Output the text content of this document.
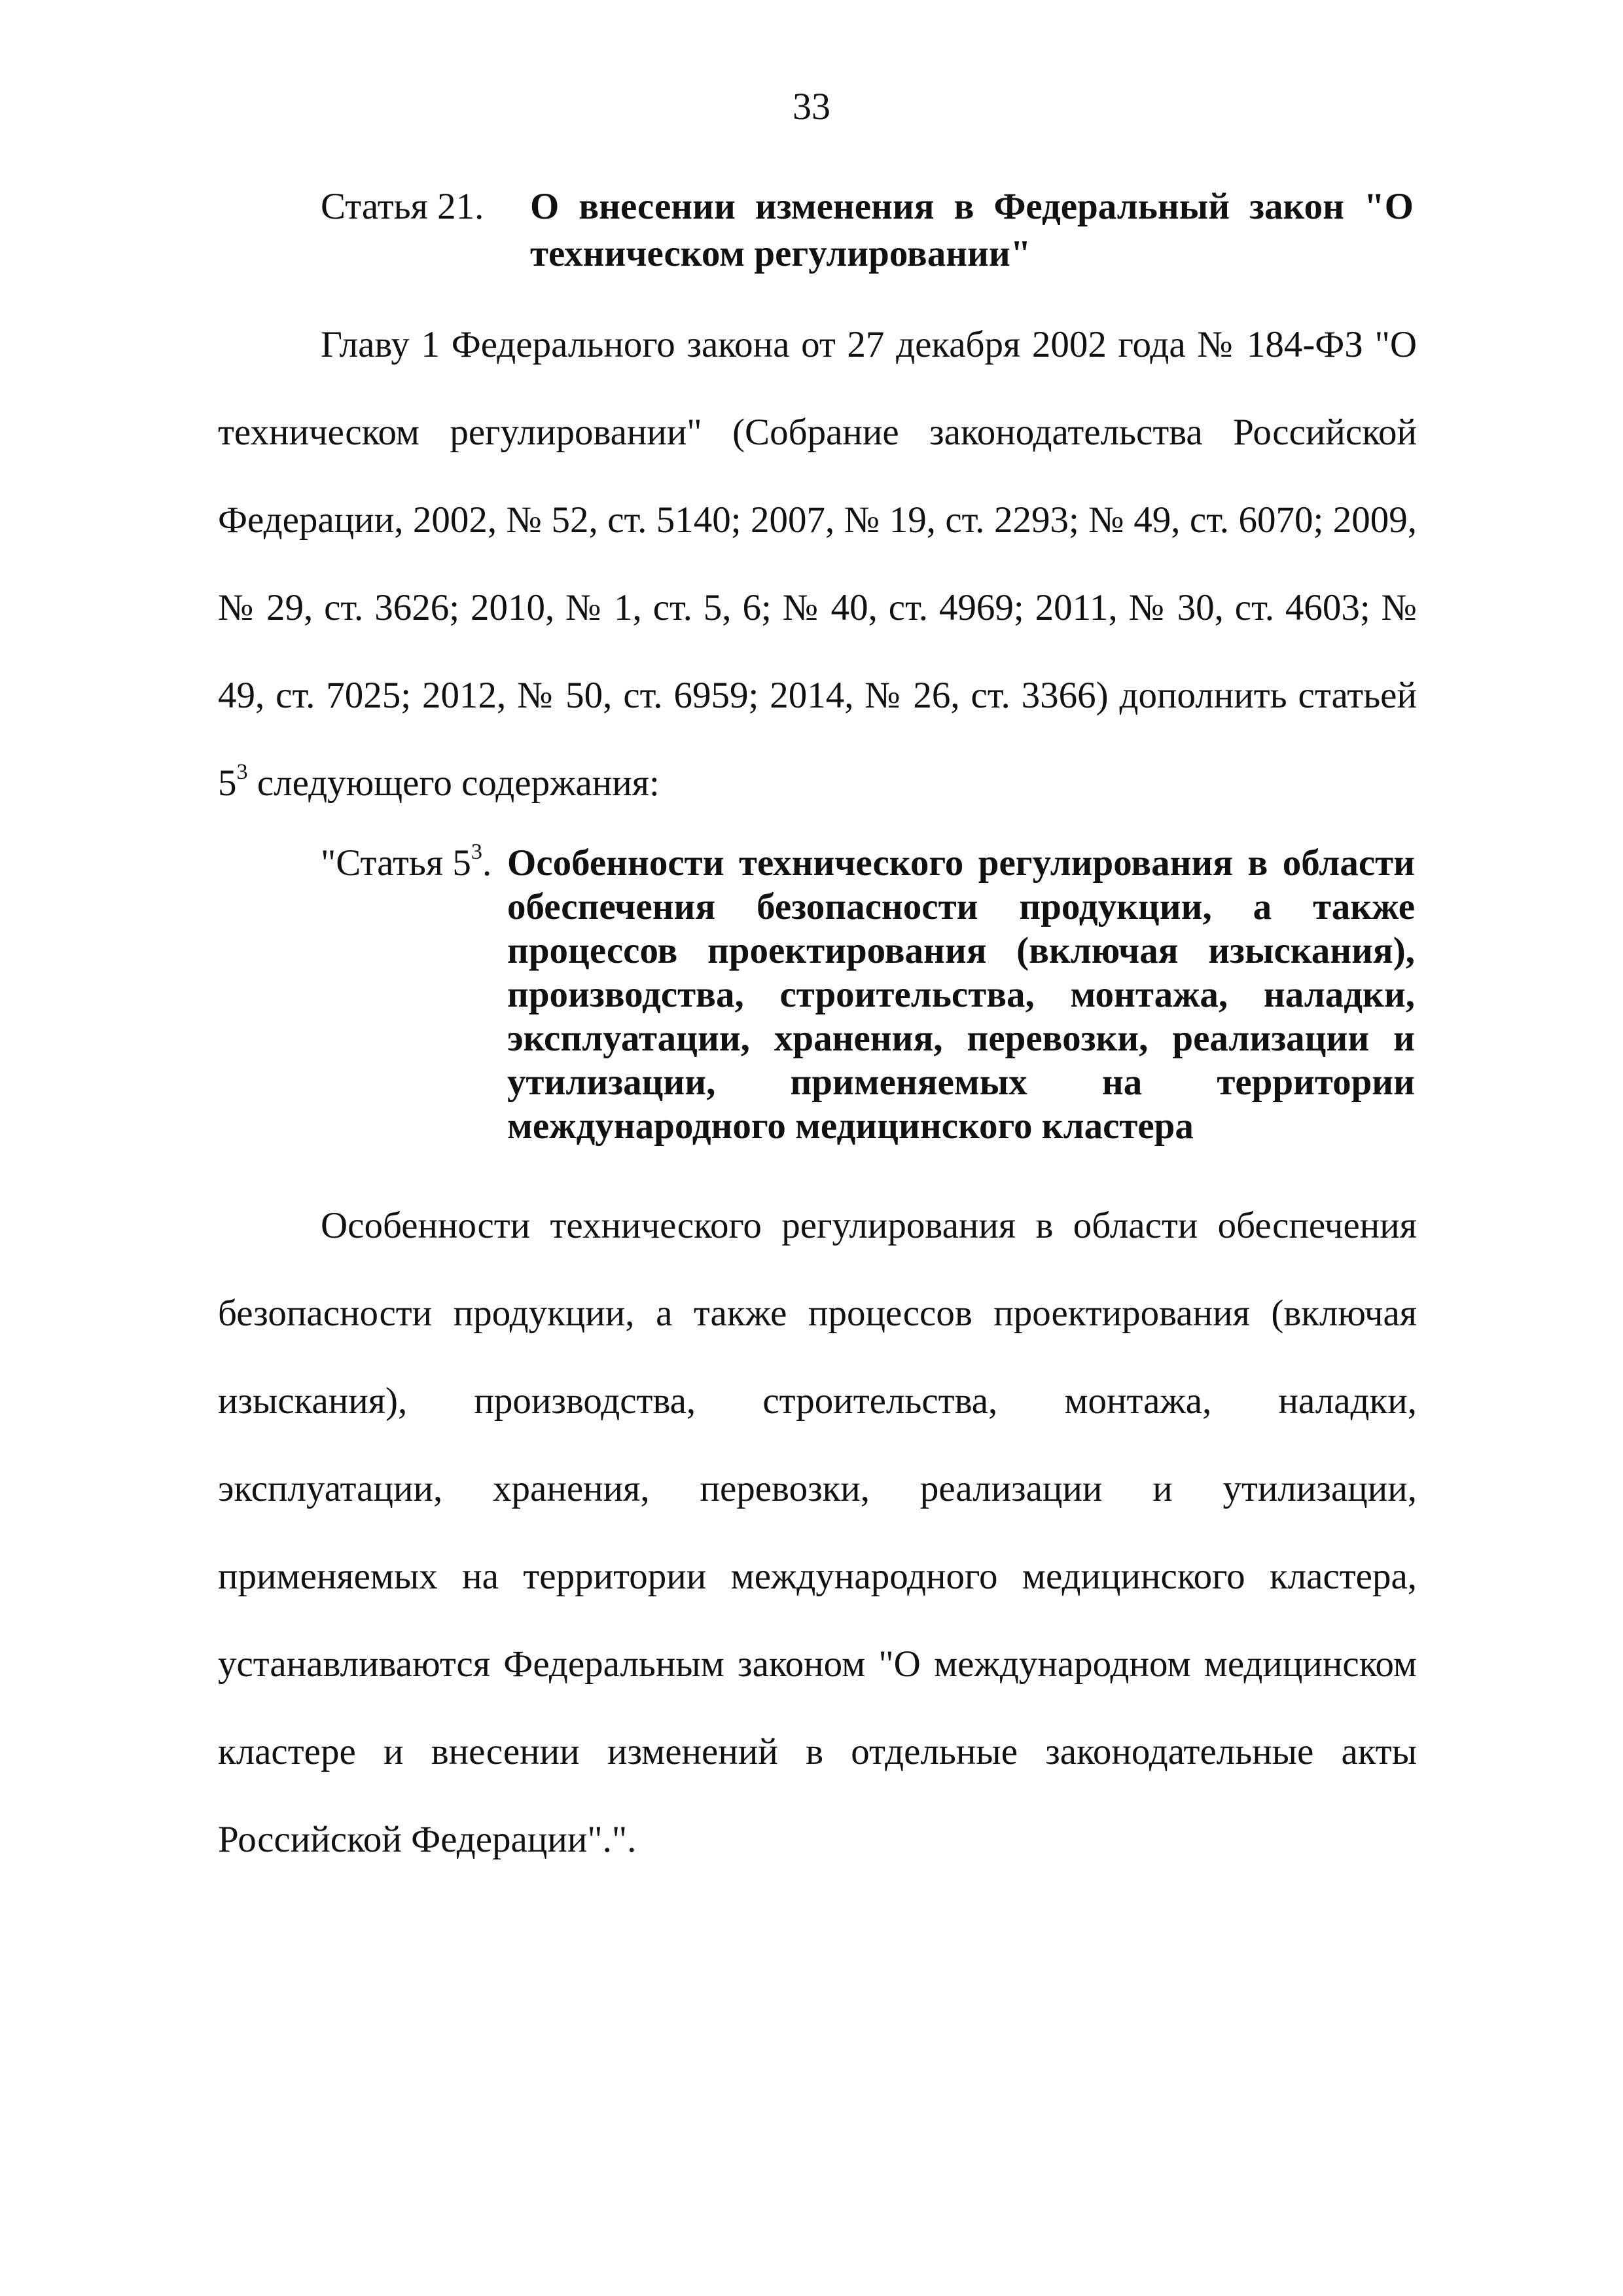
33
Статья 21. О внесении изменения в Федеральный закон "О техническом регулировании"

Главу 1 Федерального закона от 27 декабря 2002 года № 184-ФЗ "О техническом регулировании" (Собрание законодательства Российской Федерации, 2002, № 52, ст. 5140; 2007, № 19, ст. 2293; № 49, ст. 6070; 2009, № 29, ст. 3626; 2010, № 1, ст. 5, 6; № 40, ст. 4969; 2011, № 30, ст. 4603; № 49, ст. 7025; 2012, № 50, ст. 6959; 2014, № 26, ст. 3366) дополнить статьей $5^3$ следующего содержания:

"Статья $5^3$. Особенности технического регулирования в области обеспечения безопасности продукции, а также процессов проектирования (включая изыскания), производства, строительства, монтажа, наладки, эксплуатации, хранения, перевозки, реализации и утилизации, применяемых на территории международного медицинского кластера

Особенности технического регулирования в области обеспечения безопасности продукции, а также процессов проектирования (включая изыскания), производства, строительства, монтажа, наладки, эксплуатации, хранения, перевозки, реализации и утилизации, применяемых на территории международного медицинского кластера, устанавливаются Федеральным законом "О международном медицинском кластере и внесении изменений в отдельные законодательные акты Российской Федерации".".
